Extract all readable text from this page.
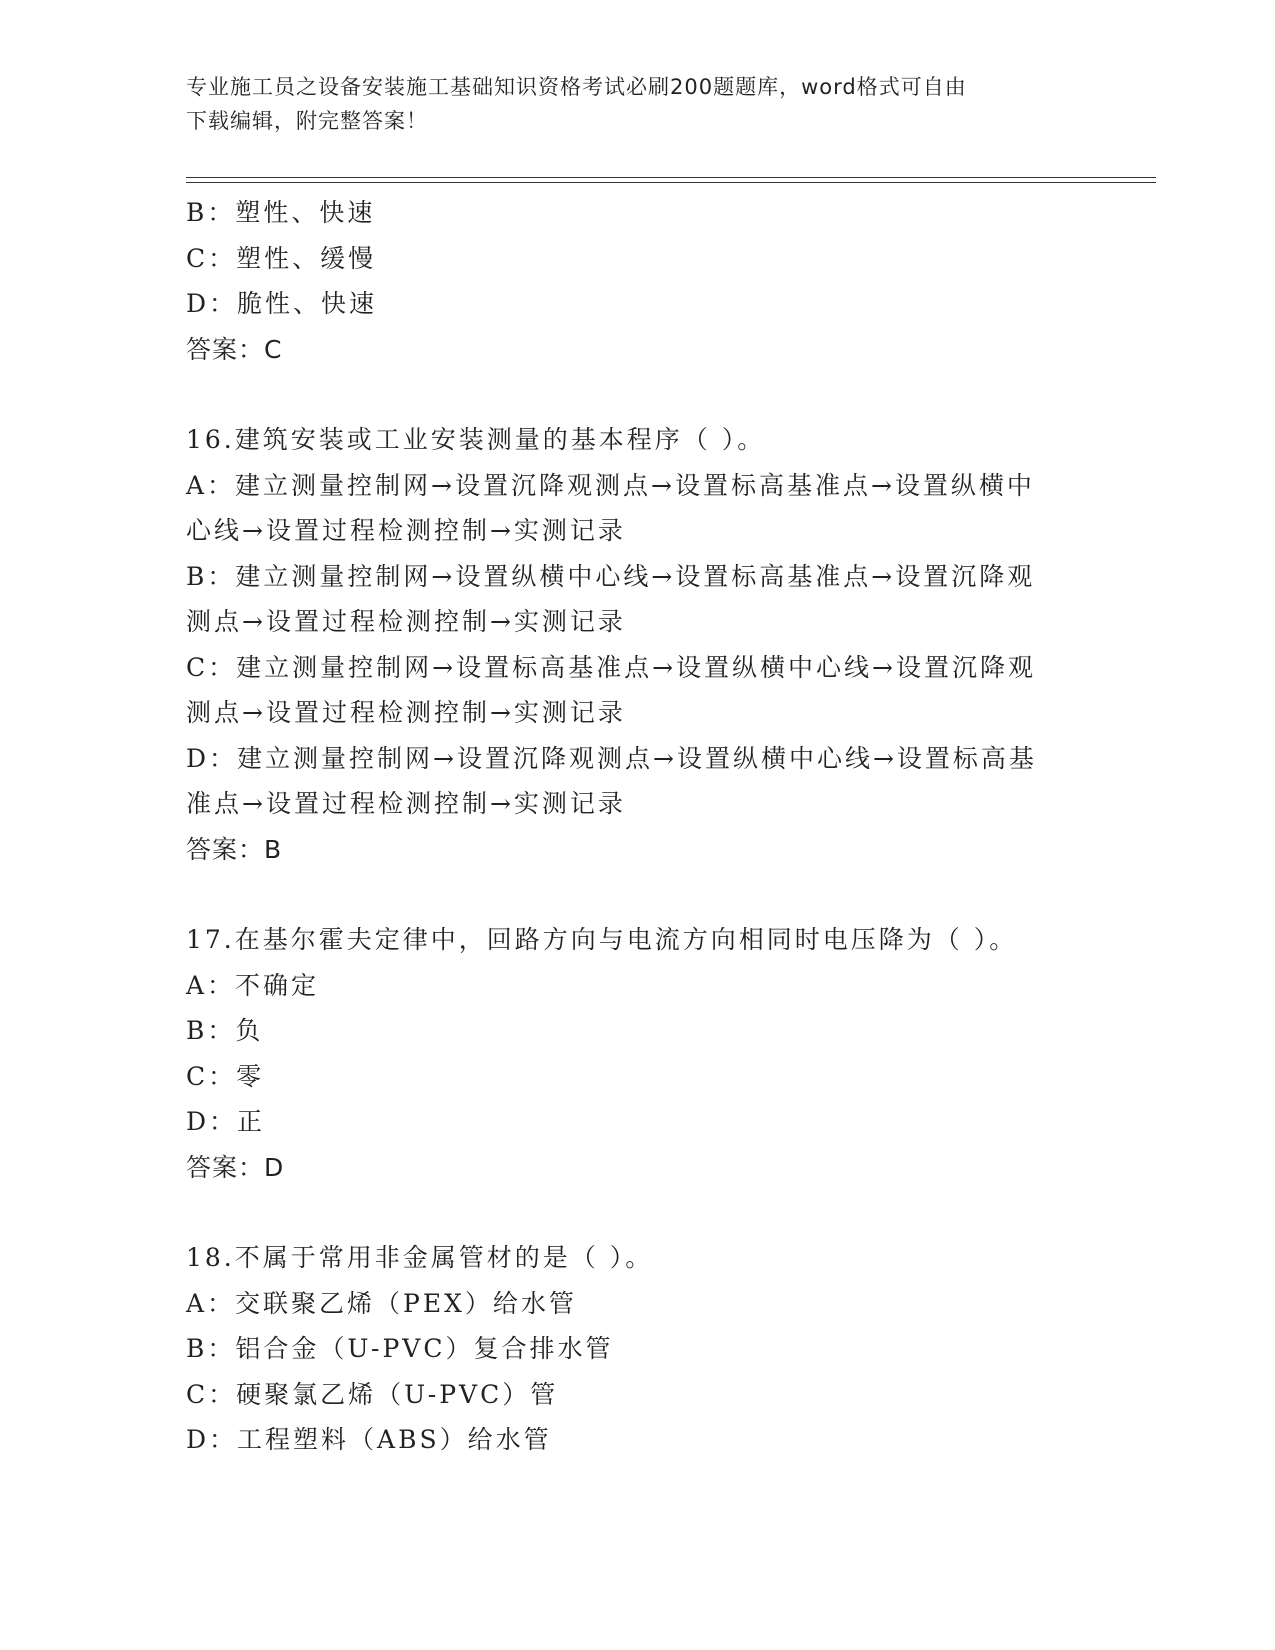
专业施工员之设备安装施工基础知识资格考试必刷200题题库，word格式可自由
下载编辑，附完整答案！
B：塑性、快速
C：塑性、缓慢
D：脆性、快速
答案：C
16.建筑安装或工业安装测量的基本程序（ ）。
A：建立测量控制网→设置沉降观测点→设置标高基准点→设置纵横中
心线→设置过程检测控制→实测记录
B：建立测量控制网→设置纵横中心线→设置标高基准点→设置沉降观
测点→设置过程检测控制→实测记录
C：建立测量控制网→设置标高基准点→设置纵横中心线→设置沉降观
测点→设置过程检测控制→实测记录
D：建立测量控制网→设置沉降观测点→设置纵横中心线→设置标高基
准点→设置过程检测控制→实测记录
答案：B
17.在基尔霍夫定律中，回路方向与电流方向相同时电压降为（ ）。
A：不确定
B：负
C：零
D：正
答案：D
18.不属于常用非金属管材的是（ ）。
A：交联聚乙烯（PEX）给水管
B：铝合金（U-PVC）复合排水管
C：硬聚氯乙烯（U-PVC）管
D：工程塑料（ABS）给水管
